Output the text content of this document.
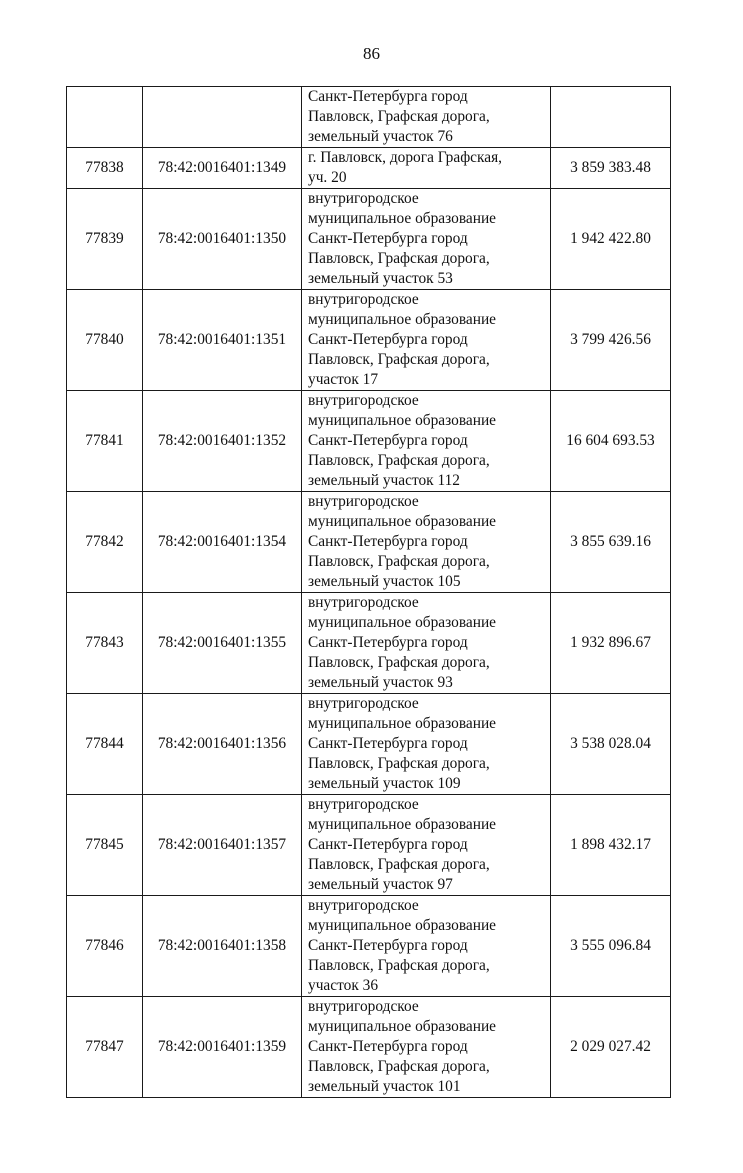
86
		Санкт-Петербурга город
Павловск, Графская дорога,
земельный участок 76	
77838	78:42:0016401:1349	г. Павловск, дорога Графская,
уч. 20	3 859 383.48
77839	78:42:0016401:1350	внутригородское
муниципальное образование
Санкт-Петербурга город
Павловск, Графская дорога,
земельный участок 53	1 942 422.80
77840	78:42:0016401:1351	внутригородское
муниципальное образование
Санкт-Петербурга город
Павловск, Графская дорога,
участок 17	3 799 426.56
77841	78:42:0016401:1352	внутригородское
муниципальное образование
Санкт-Петербурга город
Павловск, Графская дорога,
земельный участок 112	16 604 693.53
77842	78:42:0016401:1354	внутригородское
муниципальное образование
Санкт-Петербурга город
Павловск, Графская дорога,
земельный участок 105	3 855 639.16
77843	78:42:0016401:1355	внутригородское
муниципальное образование
Санкт-Петербурга город
Павловск, Графская дорога,
земельный участок 93	1 932 896.67
77844	78:42:0016401:1356	внутригородское
муниципальное образование
Санкт-Петербурга город
Павловск, Графская дорога,
земельный участок 109	3 538 028.04
77845	78:42:0016401:1357	внутригородское
муниципальное образование
Санкт-Петербурга город
Павловск, Графская дорога,
земельный участок 97	1 898 432.17
77846	78:42:0016401:1358	внутригородское
муниципальное образование
Санкт-Петербурга город
Павловск, Графская дорога,
участок 36	3 555 096.84
77847	78:42:0016401:1359	внутригородское
муниципальное образование
Санкт-Петербурга город
Павловск, Графская дорога,
земельный участок 101	2 029 027.42
